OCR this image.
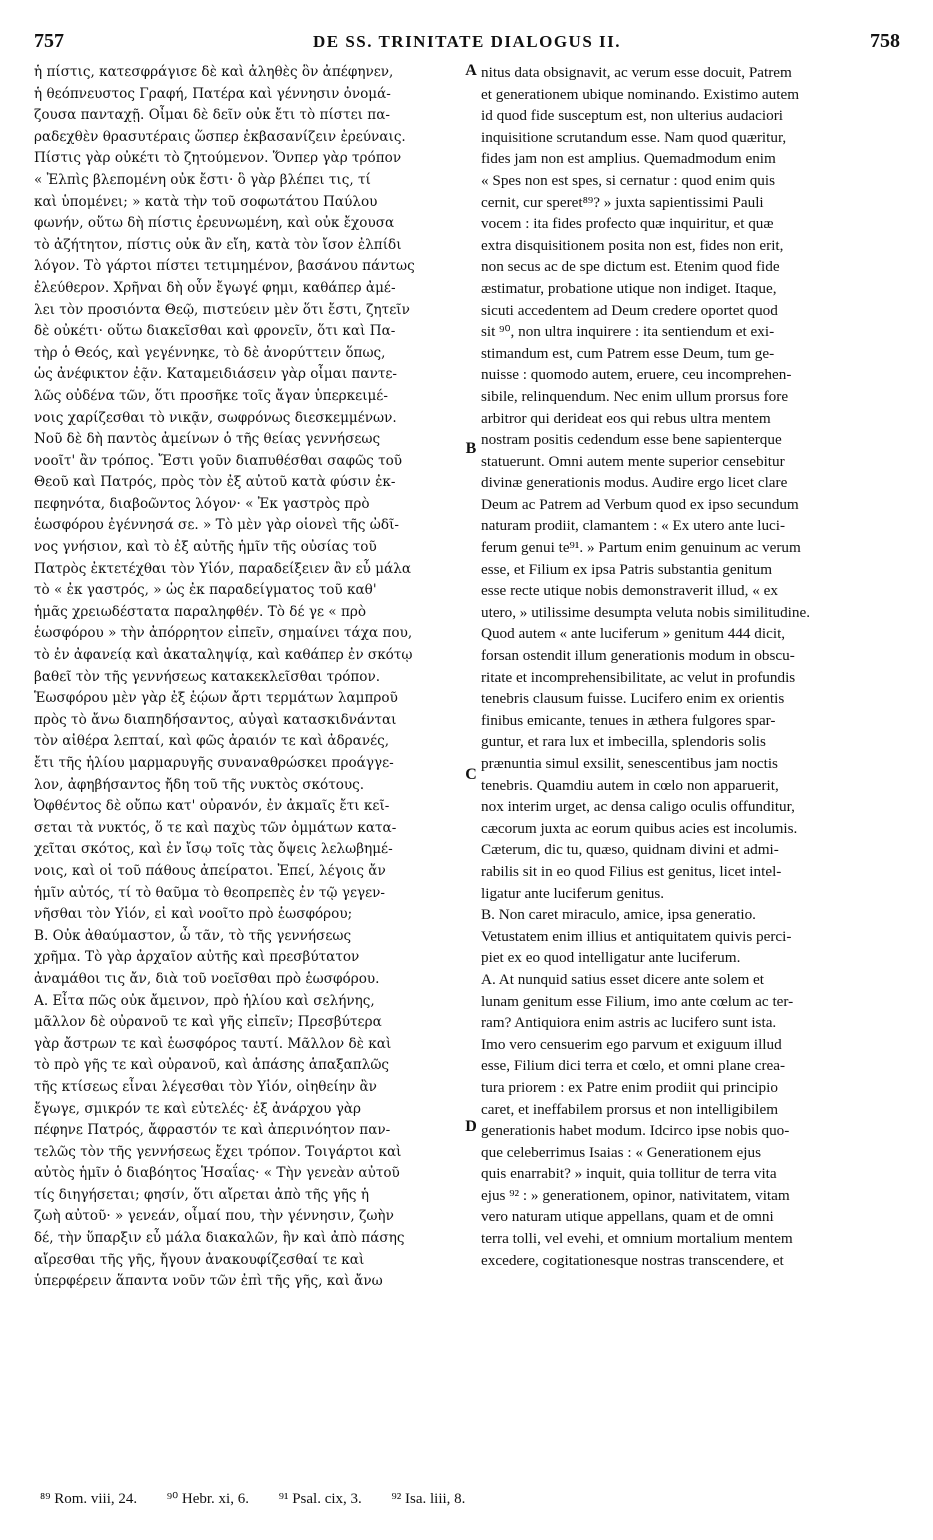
757	DE SS. TRINITATE DIALOGUS II.	758
ἡ πίστις, κατεσφράγισε δὲ καὶ ἀληθὲς ὃν ἀπέφηνεν,
ἡ θεόπνευστος Γραφή, Πατέρα καὶ γέννησιν ὀνομά-
ζουσα πανταχῇ. Οἶμαι δὲ δεῖν οὐκ ἔτι τὸ πίστει πα-
ραδεχθὲν θρασυτέραις ὥσπερ ἐκβασανίζειν ἐρεύναις.
Πίστις γὰρ οὐκέτι τὸ ζητούμενον. Ὅνπερ γὰρ τρόπον
« Ἐλπὶς βλεπομένη οὐκ ἔστι· ὃ γὰρ βλέπει τις, τί
καὶ ὑπομένει; » κατὰ τὴν τοῦ σοφωτάτου Παύλου
φωνήν, οὕτω δὴ πίστις ἐρευνωμένη, καὶ οὐκ ἔχουσα
τὸ ἀζήτητον, πίστις οὐκ ἂν εἴη, κατὰ τὸν ἴσον ἐλπίδι
λόγον. Τὸ γάρτοι πίστει τετιμημένον, βασάνου πάντως
ἐλεύθερον. Χρῆναι δὴ οὖν ἔγωγέ φημι, καθάπερ ἀμέ-
λει τὸν προσιόντα Θεῷ, πιστεύειν μὲν ὅτι ἔστι, ζητεῖν
δὲ οὐκέτι· οὕτω διακεῖσθαι καὶ φρονεῖν, ὅτι καὶ Πα-
τὴρ ὁ Θεός, καὶ γεγέννηκε, τὸ δὲ ἀνορύττειν ὅπως,
ὡς ἀνέφικτον ἐᾷν. Καταμειδιάσειν γὰρ οἶμαι παντε-
λῶς οὐδένα τῶν, ὅτι προσῆκε τοῖς ἄγαν ὑπερκειμέ-
νοις χαρίζεσθαι τὸ νικᾷν, σωφρόνως διεσκεμμένων.
Νοῦ δὲ δὴ παντὸς ἀμείνων ὁ τῆς θείας γεννήσεως
νοοῖτ' ἂν τρόπος. Ἔστι γοῦν διαπυθέσθαι σαφῶς τοῦ
Θεοῦ καὶ Πατρός, πρὸς τὸν ἐξ αὐτοῦ κατὰ φύσιν ἐκ-
πεφηνότα, διαβοῶντος λόγον· « Ἐκ γαστρὸς πρὸ
ἑωσφόρου ἐγέννησά σε. » Τὸ μὲν γὰρ οἱονεὶ τῆς ὠδῖ-
νος γνήσιον, καὶ τὸ ἐξ αὐτῆς ἡμῖν τῆς οὐσίας τοῦ
Πατρὸς ἐκτετέχθαι τὸν Υἱόν, παραδείξειεν ἂν εὖ μάλα
τὸ « ἐκ γαστρός, » ὡς ἐκ παραδείγματος τοῦ καθ'
ἡμᾶς χρειωδέστατα παραληφθέν. Τὸ δέ γε « πρὸ
ἑωσφόρου » τὴν ἀπόρρητον εἰπεῖν, σημαίνει τάχα που,
τὸ ἐν ἀφανείᾳ καὶ ἀκαταληψίᾳ, καὶ καθάπερ ἐν σκότῳ
βαθεῖ τὸν τῆς γεννήσεως κατακεκλεῖσθαι τρόπον.
Ἑωσφόρου μὲν γὰρ ἐξ ἑῴων ἄρτι τερμάτων λαμπροῦ
πρὸς τὸ ἄνω διαπηδήσαντος, αὐγαὶ κατασκιδνάνται
τὸν αἰθέρα λεπταί, καὶ φῶς ἀραιόν τε καὶ ἀδρανές,
ἔτι τῆς ἡλίου μαρμαρυγῆς συναναθρώσκει προάγγε-
λον, ἀφηβήσαντος ἤδη τοῦ τῆς νυκτὸς σκότους.
Ὀφθέντος δὲ οὔπω κατ' οὐρανόν, ἐν ἀκμαῖς ἔτι κεῖ-
σεται τὰ νυκτός, ὅ τε καὶ παχὺς τῶν ὀμμάτων κατα-
χεῖται σκότος, καὶ ἐν ἴσῳ τοῖς τὰς ὄψεις λελωβημέ-
νοις, καὶ οἱ τοῦ πάθους ἀπείρατοι. Ἐπεί, λέγοις ἄν
ἡμῖν αὐτός, τί τὸ θαῦμα τὸ θεοπρεπὲς ἐν τῷ γεγεν-
νῆσθαι τὸν Υἱόν, εἰ καὶ νοοῖτο πρὸ ἑωσφόρου;
Β. Οὐκ ἀθαύμαστον, ὦ τᾶν, τὸ τῆς γεννήσεως
χρῆμα. Τὸ γὰρ ἀρχαῖον αὐτῆς καὶ πρεσβύτατον
ἀναμάθοι τις ἄν, διὰ τοῦ νοεῖσθαι πρὸ ἑωσφόρου.
Α. Εἶτα πῶς οὐκ ἄμεινον, πρὸ ἡλίου καὶ σελήνης,
μᾶλλον δὲ οὐρανοῦ τε καὶ γῆς εἰπεῖν; Πρεσβύτερα
γὰρ ἄστρων τε καὶ ἑωσφόρος ταυτί. Μᾶλλον δὲ καὶ
τὸ πρὸ γῆς τε καὶ οὐρανοῦ, καὶ ἁπάσης ἁπαξαπλῶς
τῆς κτίσεως εἶναι λέγεσθαι τὸν Υἱόν, οἰηθείην ἂν
ἔγωγε, σμικρόν τε καὶ εὐτελές· ἐξ ἀνάρχου γὰρ
πέφηνε Πατρός, ἄφραστόν τε καὶ ἀπερινόητον παν-
τελῶς τὸν τῆς γεννήσεως ἔχει τρόπον. Τοιγάρτοι καὶ
αὐτὸς ἡμῖν ὁ διαβόητος Ἡσαΐας· « Τὴν γενεὰν αὐτοῦ
τίς διηγήσεται; φησίν, ὅτι αἴρεται ἀπὸ τῆς γῆς ἡ
ζωὴ αὐτοῦ· » γενεάν, οἶμαί που, τὴν γέννησιν, ζωὴν
δέ, τὴν ὕπαρξιν εὖ μάλα διακαλῶν, ἣν καὶ ἀπὸ πάσης
αἴρεσθαι τῆς γῆς, ἤγουν ἀνακουφίζεσθαί τε καὶ
ὑπερφέρειν ἅπαντα νοῦν τῶν ἐπὶ τῆς γῆς, καὶ ἄνω
nitus data obsignavit, ac verum esse docuit, Patrem
et generationem ubique nominando. Existimo autem
id quod fide susceptum est, non ulterius audaciori
inquisitione scrutandum esse. Nam quod quæritur,
fides jam non est amplius. Quemadmodum enim
« Spes non est spes, si cernatur : quod enim quis
cernit, cur speret⁸⁹? » juxta sapientissimi Pauli
vocem : ita fides profecto quæ inquiritur, et quæ
extra disquisitionem posita non est, fides non erit,
non secus ac de spe dictum est. Etenim quod fide
æstimatur, probatione utique non indiget. Itaque,
sicuti accedentem ad Deum credere oportet quod
sit ⁹⁰, non ultra inquirere : ita sentiendum et exi-
stimandum est, cum Patrem esse Deum, tum ge-
nuisse : quomodo autem, eruere, ceu incomprehen-
sibile, relinquendum. Nec enim ullum prorsus fore
arbitror qui derideat eos qui rebus ultra mentem
nostram positis cedendum esse bene sapienterque
statuerunt. Omni autem mente superior censebitur
divinæ generationis modus. Audire ergo licet clare
Deum ac Patrem ad Verbum quod ex ipso secundum
naturam prodiit, clamantem : « Ex utero ante luci-
ferum genui te⁹¹. » Partum enim genuinum ac verum
esse, et Filium ex ipsa Patris substantia genitum
esse recte utique nobis demonstraverit illud, « ex
utero, » utilissime desumpta veluta nobis similitudine.
Quod autem « ante luciferum » genitum 444 dicit,
forsan ostendit illum generationis modum in obscu-
ritate et incomprehensibilitate, ac velut in profundis
tenebris clausum fuisse. Lucifero enim ex orientis
finibus emicante, tenues in æthera fulgores spar-
guntur, et rara lux et imbecilla, splendoris solis
prænuntia simul exsilit, senescentibus jam noctis
tenebris. Quamdiu autem in cœlo non apparuerit,
nox interim urget, ac densa caligo oculis offunditur,
cæcorum juxta ac eorum quibus acies est incolumis.
Cæterum, dic tu, quæso, quidnam divini et admi-
rabilis sit in eo quod Filius est genitus, licet intel-
ligatur ante luciferum genitus.
B. Non caret miraculo, amice, ipsa generatio.
Vetustatem enim illius et antiquitatem quivis perci-
piet ex eo quod intelligatur ante luciferum.
A. At nunquid satius esset dicere ante solem et
lunam genitum esse Filium, imo ante cœlum ac ter-
ram? Antiquiora enim astris ac lucifero sunt ista.
Imo vero censuerim ego parvum et exiguum illud
esse, Filium dici terra et cœlo, et omni plane crea-
tura priorem : ex Patre enim prodiit qui principio
caret, et ineffabilem prorsus et non intelligibilem
generationis habet modum. Idcirco ipse nobis quo-
que celeberrimus Isaias : « Generationem ejus
quis enarrabit? » inquit, quia tollitur de terra vita
ejus ⁹² : » generationem, opinor, nativitatem, vitam
vero naturam utique appellans, quam et de omni
terra tolli, vel evehi, et omnium mortalium mentem
excedere, cogitationesque nostras transcendere, et
A
B
C
D
⁸⁹ Rom. viii, 24. ⁹⁰ Hebr. xi, 6. ⁹¹ Psal. cix, 3. ⁹² Isa. liii, 8.
